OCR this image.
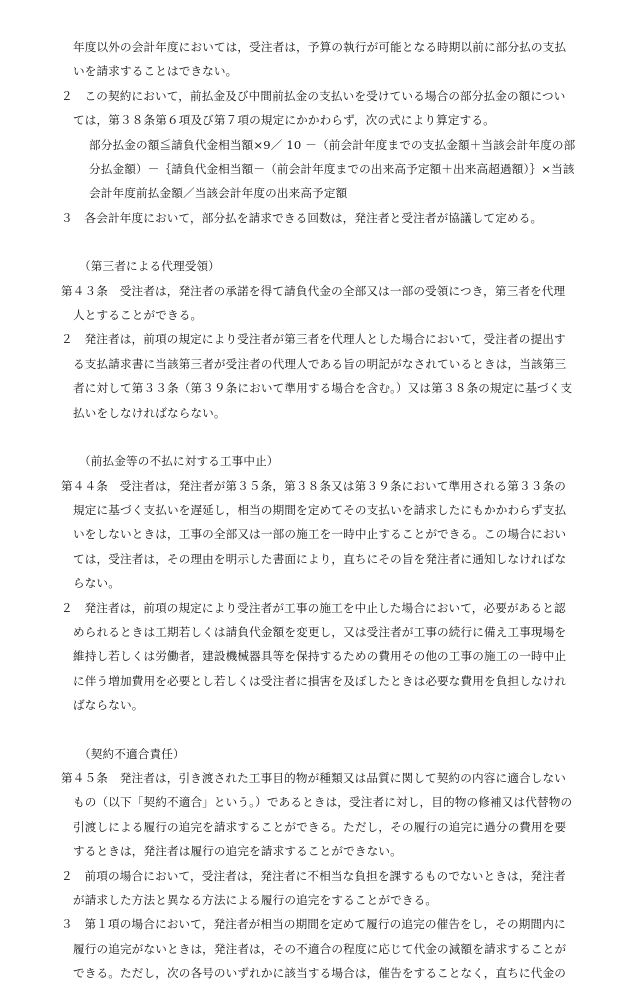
年度以外の会計年度においては，受注者は，予算の執行が可能となる時期以前に部分払の支払いを請求することはできない。

２　この契約において，前払金及び中間前払金の支払いを受けている場合の部分払金の額については，第３８条第６項及び第７項の規定にかかわらず，次の式により算定する。

部分払金の額≦請負代金相当額×9／ 10 －（前会計年度までの支払金額＋当該会計年度の部分払金額）－｛請負代金相当額－（前会計年度までの出来高予定額＋出来高超過額）｝×当該会計年度前払金額／当該会計年度の出来高予定額

３　各会計年度において，部分払を請求できる回数は，発注者と受注者が協議して定める。

（第三者による代理受領）

第４３条　受注者は，発注者の承諾を得て請負代金の全部又は一部の受領につき，第三者を代理人とすることができる。

２　発注者は，前項の規定により受注者が第三者を代理人とした場合において，受注者の提出する支払請求書に当該第三者が受注者の代理人である旨の明記がなされているときは，当該第三者に対して第３３条（第３９条において準用する場合を含む。）又は第３８条の規定に基づく支払いをしなければならない。

（前払金等の不払に対する工事中止）

第４４条　受注者は，発注者が第３５条，第３８条又は第３９条において準用される第３３条の規定に基づく支払いを遅延し，相当の期間を定めてその支払いを請求したにもかかわらず支払いをしないときは，工事の全部又は一部の施工を一時中止することができる。この場合においては，受注者は，その理由を明示した書面により，直ちにその旨を発注者に通知しなければならない。

２　発注者は，前項の規定により受注者が工事の施工を中止した場合において，必要があると認められるときは工期若しくは請負代金額を変更し，又は受注者が工事の続行に備え工事現場を維持し若しくは労働者，建設機械器具等を保持するための費用その他の工事の施工の一時中止に伴う増加費用を必要とし若しくは受注者に損害を及ぼしたときは必要な費用を負担しなければならない。

（契約不適合責任）

第４５条　発注者は，引き渡された工事目的物が種類又は品質に関して契約の内容に適合しないもの（以下「契約不適合」という。）であるときは，受注者に対し，目的物の修補又は代替物の引渡しによる履行の追完を請求することができる。ただし，その履行の追完に過分の費用を要するときは，発注者は履行の追完を請求することができない。

２　前項の場合において，受注者は，発注者に不相当な負担を課するものでないときは，発注者が請求した方法と異なる方法による履行の追完をすることができる。

３　第１項の場合において，発注者が相当の期間を定めて履行の追完の催告をし，その期間内に履行の追完がないときは，発注者は，その不適合の程度に応じて代金の減額を請求することができる。ただし，次の各号のいずれかに該当する場合は，催告をすることなく，直ちに代金の
